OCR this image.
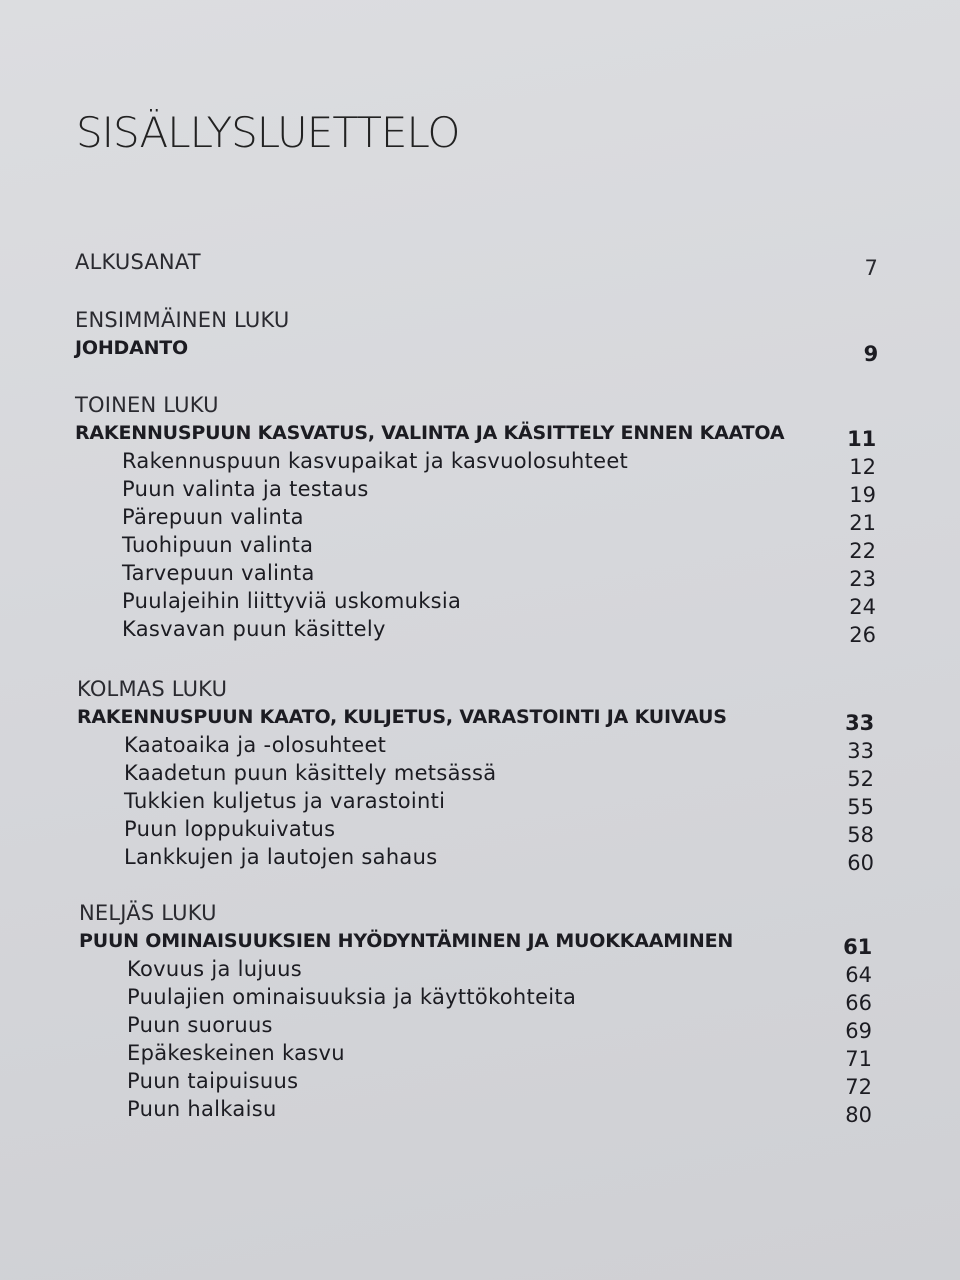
SISÄLLYSLUETTELO
ALKUSANAT	7
ENSIMMÄINEN LUKU
JOHDANTO	9
TOINEN LUKU
RAKENNUSPUUN KASVATUS, VALINTA JA KÄSITTELY ENNEN KAATOA	11
Rakennuspuun kasvupaikat ja kasvuolosuhteet	12
Puun valinta ja testaus	19
Pärepuun valinta	21
Tuohipuun valinta	22
Tarvepuun valinta	23
Puulajeihin liittyviä uskomuksia	24
Kasvavan puun käsittely	26
KOLMAS LUKU
RAKENNUSPUUN KAATO, KULJETUS, VARASTOINTI JA KUIVAUS	33
Kaatoaika ja -olosuhteet	33
Kaadetun puun käsittely metsässä	52
Tukkien kuljetus ja varastointi	55
Puun loppukuivatus	58
Lankkujen ja lautojen sahaus	60
NELJÄS LUKU
PUUN OMINAISUUKSIEN HYÖDYNTÄMINEN JA MUOKKAAMINEN	61
Kovuus ja lujuus	64
Puulajien ominaisuuksia ja käyttökohteita	66
Puun suoruus	69
Epäkeskeinen kasvu	71
Puun taipuisuus	72
Puun halkaisu	80
